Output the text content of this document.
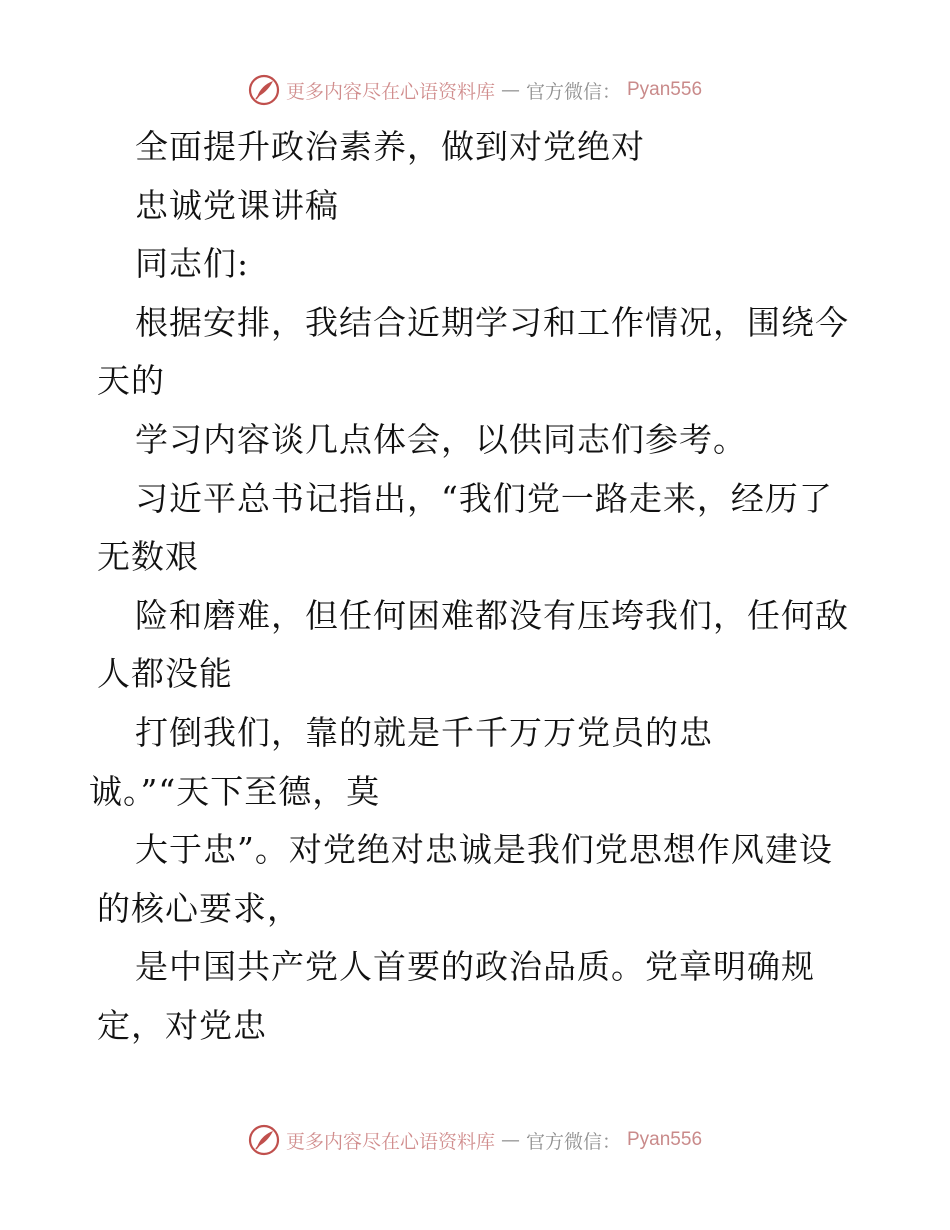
更多内容尽在心语资料库 — 官方微信： Pyan556
全面提升政治素养，做到对党绝对
忠诚党课讲稿
同志们:
根据安排，我结合近期学习和工作情况，围绕今
天的
学习内容谈几点体会，以供同志们参考。
习近平总书记指出，“我们党一路走来，经历了
无数艰
险和磨难，但任何困难都没有压垮我们，任何敌
人都没能
打倒我们，靠的就是千千万万党员的忠
诚。”“天下至德，莫
大于忠”。对党绝对忠诚是我们党思想作风建设
的核心要求，
是中国共产党人首要的政治品质。党章明确规
定，对党忠
更多内容尽在心语资料库 — 官方微信： Pyan556
